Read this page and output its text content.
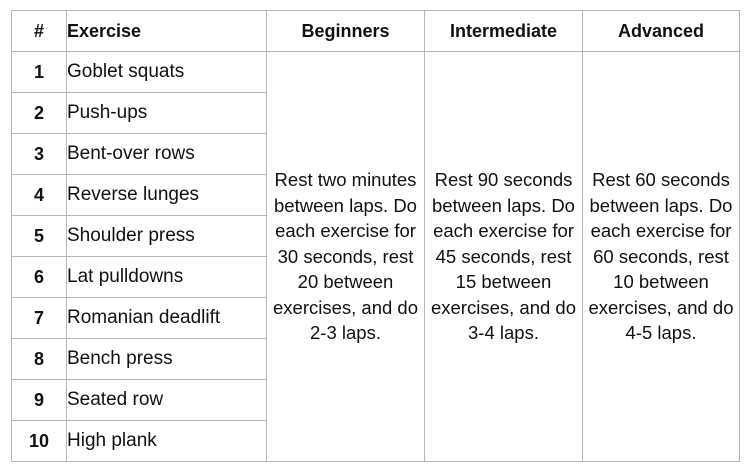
#	Exercise	Beginners	Intermediate	Advanced
1	Goblet squats	Rest two minutes between laps. Do each exercise for 30 seconds, rest 20 between exercises, and do 2-3 laps.	Rest 90 seconds between laps. Do each exercise for 45 seconds, rest 15 between exercises, and do 3-4 laps.	Rest 60 seconds between laps. Do each exercise for 60 seconds, rest 10 between exercises, and do 4-5 laps.

2	Push-ups			
3	Bent-over rows			
4	Reverse lunges			
5	Shoulder press			
6	Lat pulldowns			
7	Romanian deadlift			
8	Bench press			
9	Seated row			
10	High plank			
